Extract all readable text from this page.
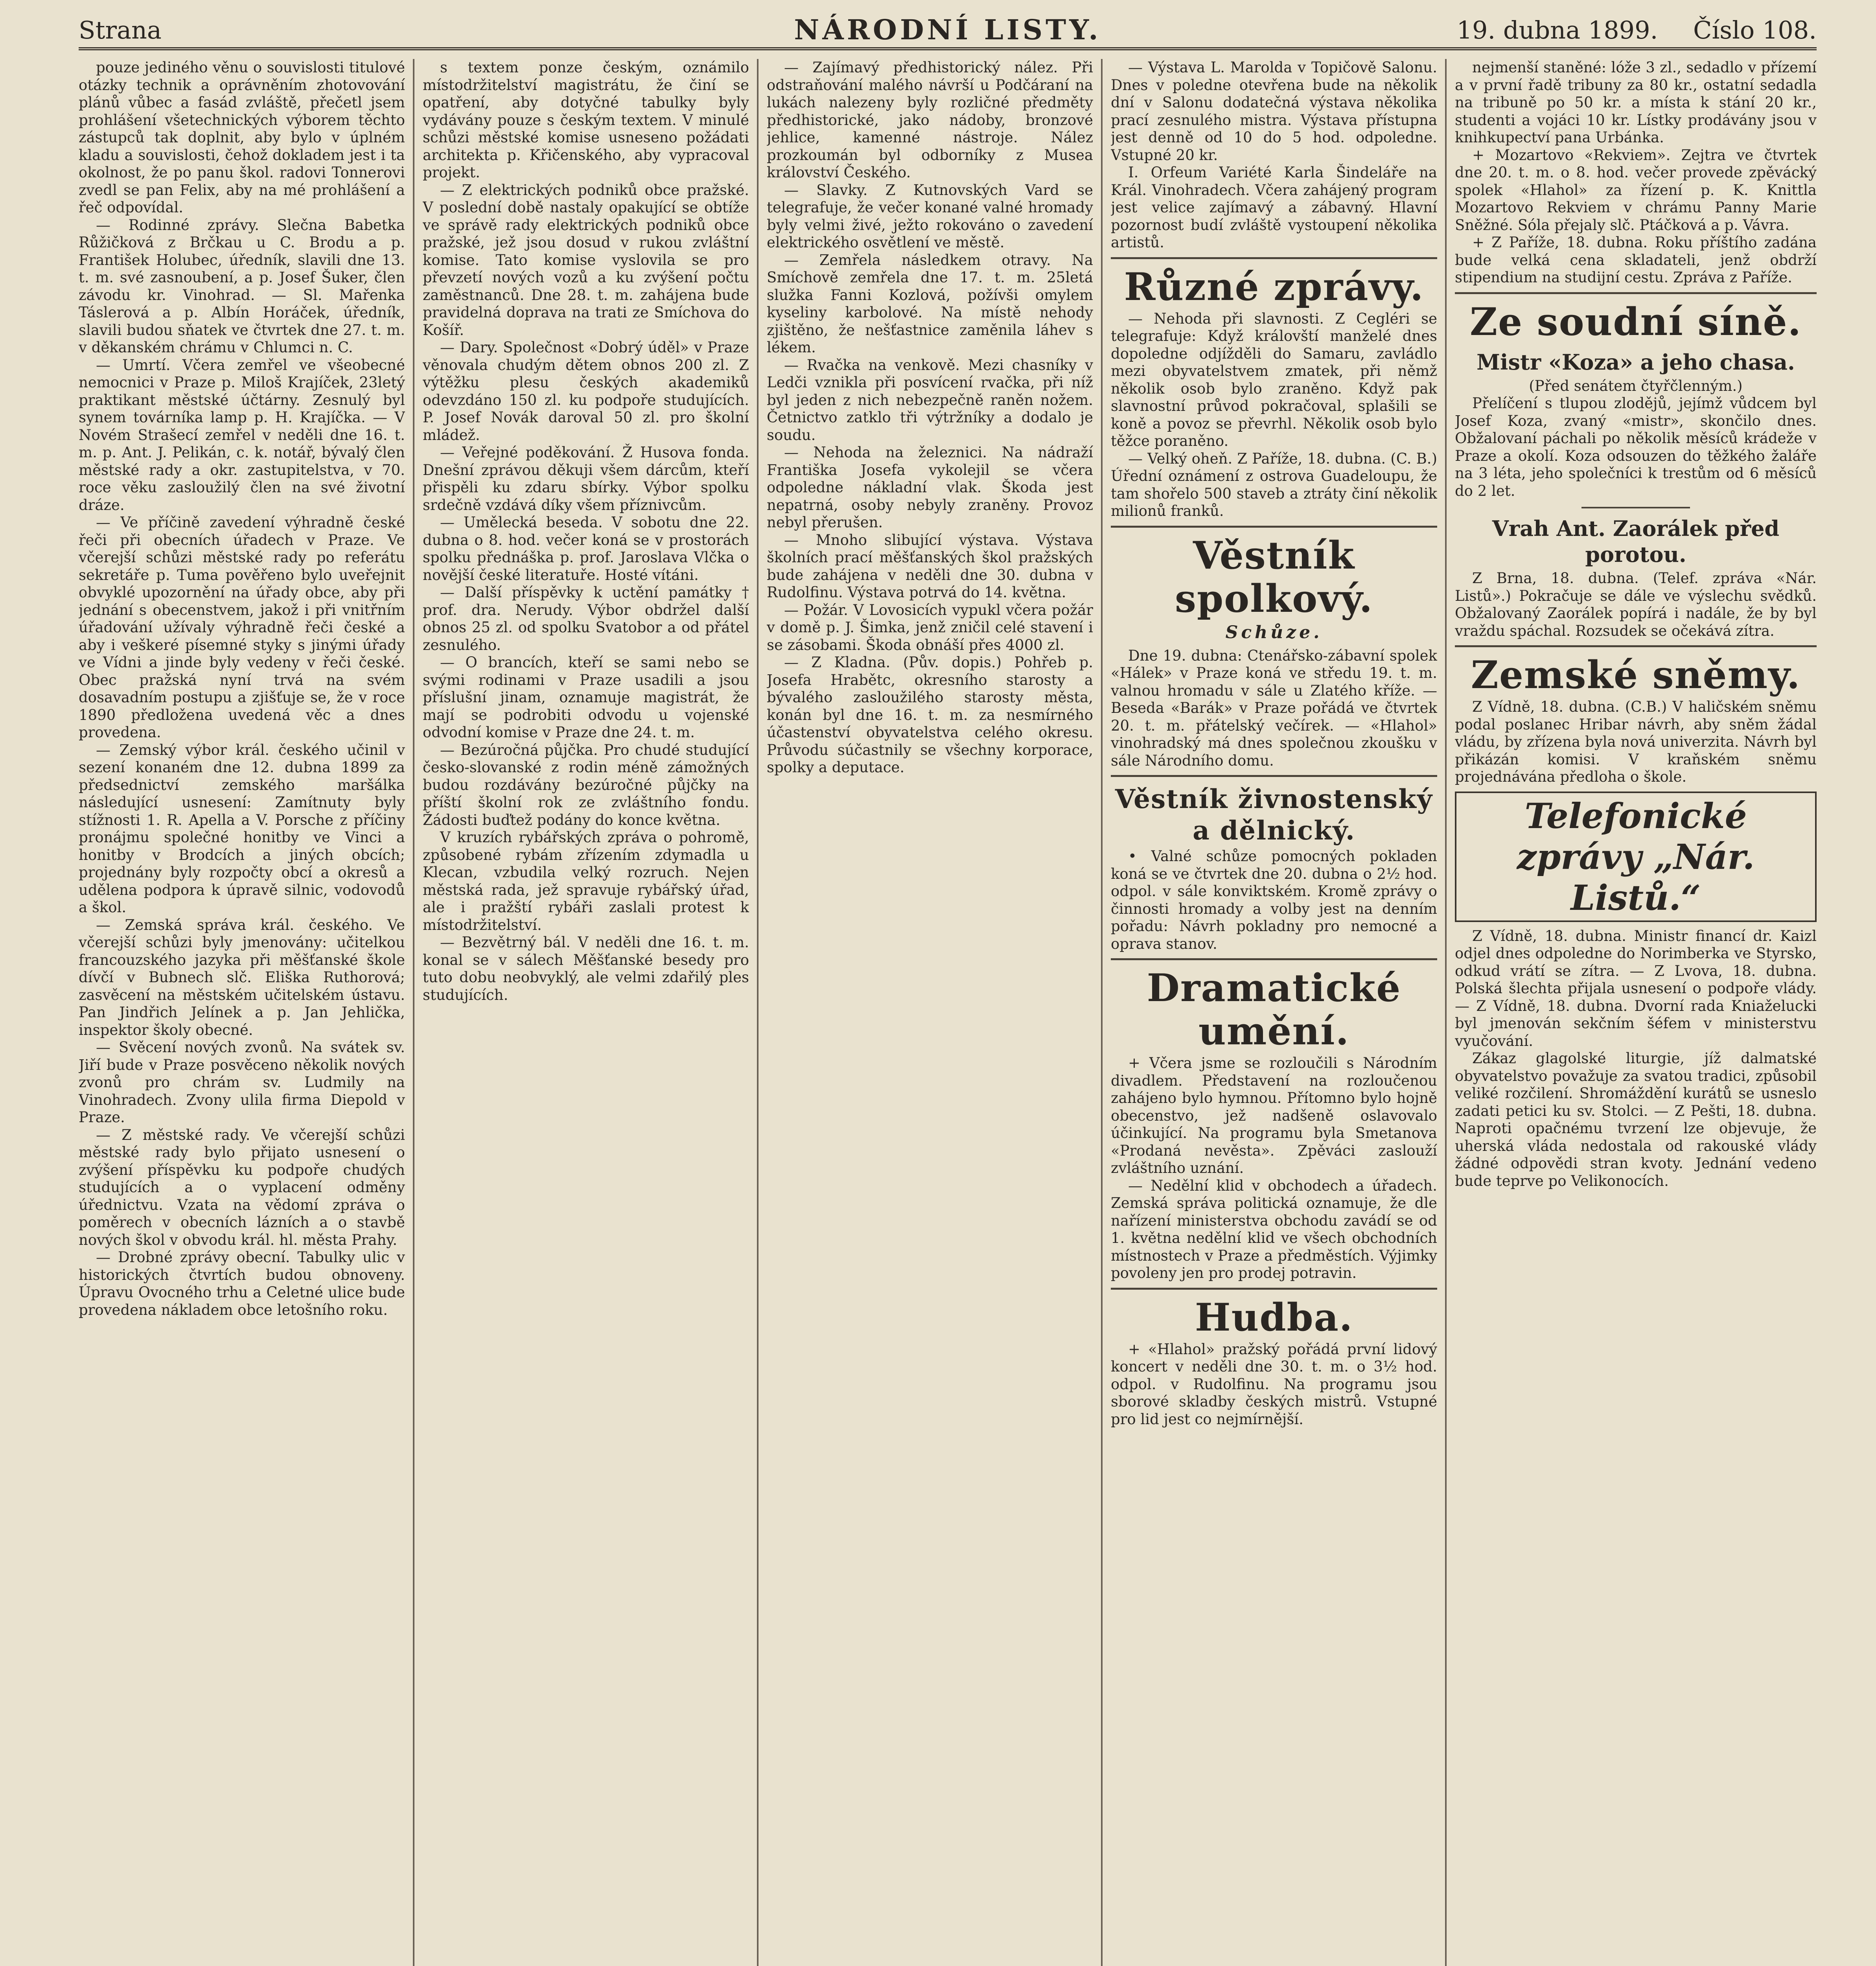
Strana	NÁRODNÍ LISTY.	19. dubna 1899. Číslo 108.

pouze jediného věnu o souvislosti titulové otázky technik a oprávněním zhotovování plánů vůbec a fasád zvláště, přečetl jsem prohlášení všetechnických výborem těchto zástupců tak doplnit, aby bylo v úplném kladu a souvislosti, čehož dokladem jest i ta okolnost, že po panu škol. radovi Tonnerovi zvedl se pan Felix, aby na mé prohlášení a řeč odpovídal.

— Rodinné zprávy. Slečna Babetka Růžičková z Brčkau u C. Brodu a p. František Holubec, úředník, slavili dne 13. t. m. své zasnoubení, a p. Josef Šuker, člen závodu kr. Vinohrad. — Sl. Mařenka Táslerová a p. Albín Horáček, úředník, slavili budou sňatek ve čtvrtek dne 27. t. m. v děkanském chrámu v Chlumci n. C.

— Umrtí. Včera zemřel ve všeobecné nemocnici v Praze p. Miloš Krajíček, 23letý praktikant městské účtárny. Zesnulý byl synem továrníka lamp p. H. Krajíčka. — V Novém Strašecí zemřel v neděli dne 16. t. m. p. Ant. J. Pelikán, c. k. notář, bývalý člen městské rady a okr. zastupitelstva, v 70. roce věku zasloužilý člen na své životní dráze.

— Ve příčině zavedení výhradně české řeči při obecních úřadech v Praze. Ve včerejší schůzi městské rady po referátu sekretáře p. Tuma pověřeno bylo uveřejnit obvyklé upozornění na úřady obce, aby při jednání s obecenstvem, jakož i při vnitřním úřadování užívaly výhradně řeči české a aby i veškeré písemné styky s jinými úřady ve Vídni a jinde byly vedeny v řeči české. Obec pražská nyní trvá na svém dosavadním postupu a zjišťuje se, že v roce 1890 předložena uvedená věc a dnes provedena.

— Zemský výbor král. českého učinil v sezení konaném dne 12. dubna 1899 za předsednictví zemského maršálka následující usnesení: Zamítnuty byly stížnosti 1. R. Apella a V. Porsche z příčiny pronájmu společné honitby ve Vinci a honitby v Brodcích a jiných obcích; projednány byly rozpočty obcí a okresů a udělena podpora k úpravě silnic, vodovodů a škol.

— Zemská správa král. českého. Ve včerejší schůzi byly jmenovány: učitelkou francouzského jazyka při měšťanské škole dívčí v Bubnech slč. Eliška Ruthorová; zasvěcení na městském učitelském ústavu. Pan Jindřich Jelínek a p. Jan Jehlička, inspektor školy obecné.

— Svěcení nových zvonů. Na svátek sv. Jiří bude v Praze posvěceno několik nových zvonů pro chrám sv. Ludmily na Vinohradech. Zvony ulila firma Diepold v Praze.

— Z městské rady. Ve včerejší schůzi městské rady bylo přijato usnesení o zvýšení příspěvku ku podpoře chudých studujících a o vyplacení odměny úřednictvu. Vzata na vědomí zpráva o poměrech v obecních lázních a o stavbě nových škol v obvodu král. hl. města Prahy.

— Drobné zprávy obecní. Tabulky ulic v historických čtvrtích budou obnoveny. Úpravu Ovocného trhu a Celetné ulice bude provedena nákladem obce letošního roku.

s textem ponze českým, oznámilo místodržitelství magistrátu, že činí se opatření, aby dotyčné tabulky byly vydávány pouze s českým textem. V minulé schůzi městské komise usneseno požádati architekta p. Křičenského, aby vypracoval projekt.

— Z elektrických podniků obce pražské. V poslední době nastaly opakující se obtíže ve správě rady elektrických podniků obce pražské, jež jsou dosud v rukou zvláštní komise. Tato komise vyslovila se pro převzetí nových vozů a ku zvýšení počtu zaměstnanců. Dne 28. t. m. zahájena bude pravidelná doprava na trati ze Smíchova do Košíř.

— Dary. Společnost «Dobrý úděl» v Praze věnovala chudým dětem obnos 200 zl. Z výtěžku plesu českých akademiků odevzdáno 150 zl. ku podpoře studujících. P. Josef Novák daroval 50 zl. pro školní mládež.

— Veřejné poděkování. Ž Husova fonda. Dnešní zprávou děkuji všem dárcům, kteří přispěli ku zdaru sbírky. Výbor spolku srdečně vzdává díky všem příznivcům.

— Umělecká beseda. V sobotu dne 22. dubna o 8. hod. večer koná se v prostorách spolku přednáška p. prof. Jaroslava Vlčka o novější české literatuře. Hosté vítáni.

— Další příspěvky k uctění památky † prof. dra. Nerudy. Výbor obdržel další obnos 25 zl. od spolku Svatobor a od přátel zesnulého.

— O brancích, kteří se sami nebo se svými rodinami v Praze usadili a jsou příslušní jinam, oznamuje magistrát, že mají se podrobiti odvodu u vojenské odvodní komise v Praze dne 24. t. m.

— Bezúročná půjčka. Pro chudé studující česko-slovanské z rodin méně zámožných budou rozdávány bezúročné půjčky na příští školní rok ze zvláštního fondu. Žádosti buďtež podány do konce května.

V kruzích rybářských zpráva o pohromě, způsobené rybám zřízením zdymadla u Klecan, vzbudila velký rozruch. Nejen městská rada, jež spravuje rybářský úřad, ale i pražští rybáři zaslali protest k místodržitelství.

— Bezvětrný bál. V neděli dne 16. t. m. konal se v sálech Měšťanské besedy pro tuto dobu neobvyklý, ale velmi zdařilý ples studujících.

— Zajímavý předhistorický nález. Při odstraňování malého návrší u Podčáraní na lukách nalezeny byly rozličné předměty předhistorické, jako nádoby, bronzové jehlice, kamenné nástroje. Nález prozkoumán byl odborníky z Musea království Českého.

— Slavky. Z Kutnovských Vard se telegrafuje, že večer konané valné hromady byly velmi živé, ježto rokováno o zavedení elektrického osvětlení ve městě.

— Zemřela následkem otravy. Na Smíchově zemřela dne 17. t. m. 25letá služka Fanni Kozlová, požívši omylem kyseliny karbolové. Na místě nehody zjištěno, že nešťastnice zaměnila láhev s lékem.

— Rvačka na venkově. Mezi chasníky v Ledči vznikla při posvícení rvačka, při níž byl jeden z nich nebezpečně raněn nožem. Četnictvo zatklo tři výtržníky a dodalo je soudu.

— Nehoda na železnici. Na nádraží Františka Josefa vykolejil se včera odpoledne nákladní vlak. Škoda jest nepatrná, osoby nebyly zraněny. Provoz nebyl přerušen.

— Mnoho slibující výstava. Výstava školních prací měšťanských škol pražských bude zahájena v neděli dne 30. dubna v Rudolfinu. Výstava potrvá do 14. května.

— Požár. V Lovosicích vypukl včera požár v domě p. J. Šimka, jenž zničil celé stavení i se zásobami. Škoda obnáší přes 4000 zl.

— Z Kladna. (Pův. dopis.) Pohřeb p. Josefa Hrabětc, okresního starosty a bývalého zasloužilého starosty města, konán byl dne 16. t. m. za nesmírného účastenství obyvatelstva celého okresu. Průvodu súčastnily se všechny korporace, spolky a deputace.

— Výstava L. Marolda v Topičově Salonu. Dnes v poledne otevřena bude na několik dní v Salonu dodatečná výstava několika prací zesnulého mistra. Výstava přístupna jest denně od 10 do 5 hod. odpoledne. Vstupné 20 kr.

I. Orfeum Variété Karla Šindeláře na Král. Vinohradech. Včera zahájený program jest velice zajímavý a zábavný. Hlavní pozornost budí zvláště vystoupení několika artistů.

Různé zprávy.

— Nehoda při slavnosti. Z Cegléri se telegrafuje: Když královští manželé dnes dopoledne odjížděli do Samaru, zavládlo mezi obyvatelstvem zmatek, při němž několik osob bylo zraněno. Když pak slavnostní průvod pokračoval, splašili se koně a povoz se převrhl. Několik osob bylo těžce poraněno.

— Velký oheň. Z Paříže, 18. dubna. (C. B.) Úřední oznámení z ostrova Guadeloupu, že tam shořelo 500 staveb a ztráty činí několik milionů franků.

Věstník spolkový.
Schůze.

Dne 19. dubna: Ctenářsko-zábavní spolek «Hálek» v Praze koná ve středu 19. t. m. valnou hromadu v sále u Zlatého kříže. — Beseda «Barák» v Praze pořádá ve čtvrtek 20. t. m. přátelský večírek. — «Hlahol» vinohradský má dnes společnou zkoušku v sále Národního domu.

Věstník živnostenský a dělnický.

• Valné schůze pomocných pokladen koná se ve čtvrtek dne 20. dubna o 2½ hod. odpol. v sále konviktském. Kromě zprávy o činnosti hromady a volby jest na denním pořadu: Návrh pokladny pro nemocné a oprava stanov.

Dramatické umění.

+ Včera jsme se rozloučili s Národním divadlem. Představení na rozloučenou zahájeno bylo hymnou. Přítomno bylo hojně obecenstvo, jež nadšeně oslavovalo účinkující. Na programu byla Smetanova «Prodaná nevěsta». Zpěváci zaslouží zvláštního uznání.

— Nedělní klid v obchodech a úřadech. Zemská správa politická oznamuje, že dle nařízení ministerstva obchodu zavádí se od 1. května nedělní klid ve všech obchodních místnostech v Praze a předměstích. Výjimky povoleny jen pro prodej potravin.

Hudba.

+ «Hlahol» pražský pořádá první lidový koncert v neděli dne 30. t. m. o 3½ hod. odpol. v Rudolfinu. Na programu jsou sborové skladby českých mistrů. Vstupné pro lid jest co nejmírnější.

nejmenší staněné: lóže 3 zl., sedadlo v přízemí a v první řadě tribuny za 80 kr., ostatní sedadla na tribuně po 50 kr. a místa k stání 20 kr., studenti a vojáci 10 kr. Lístky prodávány jsou v knihkupectví pana Urbánka.

+ Mozartovo «Rekviem». Zejtra ve čtvrtek dne 20. t. m. o 8. hod. večer provede zpěvácký spolek «Hlahol» za řízení p. K. Knittla Mozartovo Rekviem v chrámu Panny Marie Sněžné. Sóla přejaly slč. Ptáčková a p. Vávra.

+ Z Paříže, 18. dubna. Roku příštího zadána bude velká cena skladateli, jenž obdrží stipendium na studijní cestu. Zpráva z Paříže.

Ze soudní síně.
Mistr «Koza» a jeho chasa.

(Před senátem čtyřčlenným.)

Přelíčení s tlupou zlodějů, jejímž vůdcem byl Josef Koza, zvaný «mistr», skončilo dnes. Obžalovaní páchali po několik měsíců krádeže v Praze a okolí. Koza odsouzen do těžkého žaláře na 3 léta, jeho společníci k trestům od 6 měsíců do 2 let.

Vrah Ant. Zaorálek před porotou.

Z Brna, 18. dubna. (Telef. zpráva «Nár. Listů».) Pokračuje se dále ve výslechu svědků. Obžalovaný Zaorálek popírá i nadále, že by byl vraždu spáchal. Rozsudek se očekává zítra.

Zemské sněmy.

Z Vídně, 18. dubna. (C.B.) V haličském sněmu podal poslanec Hribar návrh, aby sněm žádal vládu, by zřízena byla nová univerzita. Návrh byl přikázán komisi. V kraňském sněmu projednávána předloha o škole.

Telefonické zprávy „Nár. Listů.“

Z Vídně, 18. dubna. Ministr financí dr. Kaizl odjel dnes odpoledne do Norimberka ve Styrsko, odkud vrátí se zítra. — Z Lvova, 18. dubna. Polská šlechta přijala usnesení o podpoře vlády. — Z Vídně, 18. dubna. Dvorní rada Kniaželucki byl jmenován sekčním šéfem v ministerstvu vyučování.

Zákaz glagolské liturgie, jíž dalmatské obyvatelstvo považuje za svatou tradici, způsobil veliké rozčilení. Shromáždění kurátů se usneslo zadati petici ku sv. Stolci. — Z Pešti, 18. dubna. Naproti opačnému tvrzení lze objevuje, že uherská vláda nedostala od rakouské vlády žádné odpovědi stran kvoty. Jednání vedeno bude teprve po Velikonocích.
